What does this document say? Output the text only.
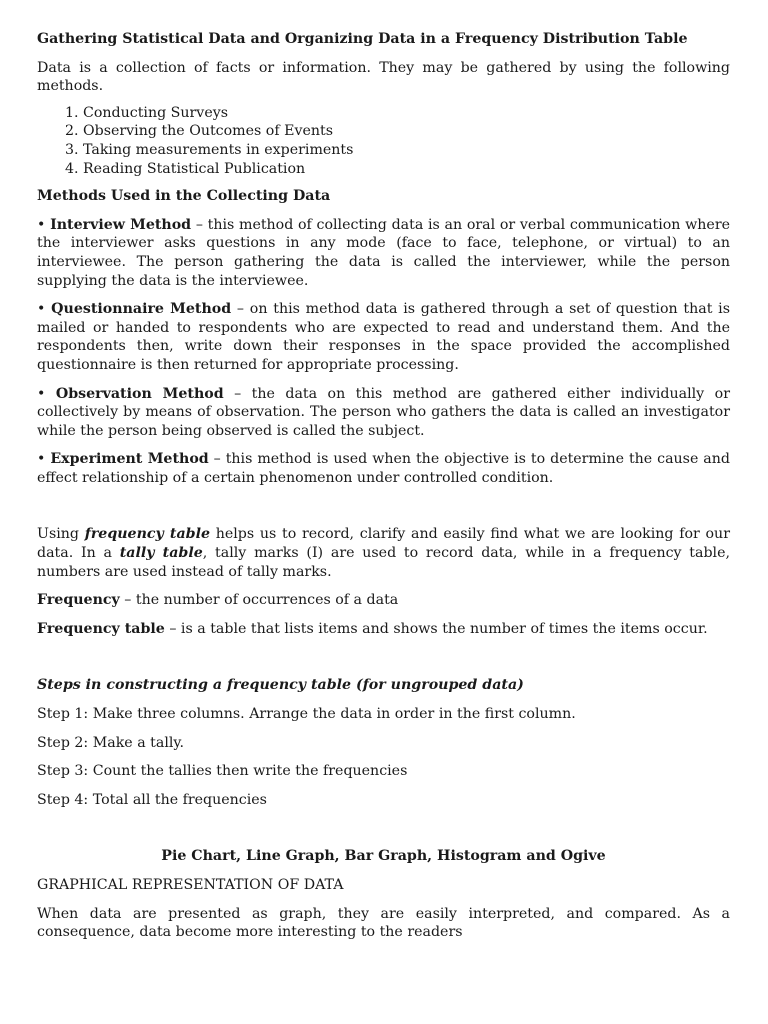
Gathering Statistical Data and Organizing Data in a Frequency Distribution Table

Data is a collection of facts or information. They may be gathered by using the following methods.

1. Conducting Surveys
2. Observing the Outcomes of Events
3. Taking measurements in experiments
4. Reading Statistical Publication

Methods Used in the Collecting Data

• Interview Method – this method of collecting data is an oral or verbal communication where the interviewer asks questions in any mode (face to face, telephone, or virtual) to an interviewee. The person gathering the data is called the interviewer, while the person supplying the data is the interviewee.

• Questionnaire Method – on this method data is gathered through a set of question that is mailed or handed to respondents who are expected to read and understand them. And the respondents then, write down their responses in the space provided the accomplished questionnaire is then returned for appropriate processing.

• Observation Method – the data on this method are gathered either individually or collectively by means of observation. The person who gathers the data is called an investigator while the person being observed is called the subject.

• Experiment Method – this method is used when the objective is to determine the cause and effect relationship of a certain phenomenon under controlled condition.

Using frequency table helps us to record, clarify and easily find what we are looking for our data. In a tally table, tally marks (I) are used to record data, while in a frequency table, numbers are used instead of tally marks.

Frequency – the number of occurrences of a data

Frequency table – is a table that lists items and shows the number of times the items occur.

Steps in constructing a frequency table (for ungrouped data)

Step 1: Make three columns. Arrange the data in order in the first column.

Step 2: Make a tally.

Step 3: Count the tallies then write the frequencies

Step 4: Total all the frequencies

Pie Chart, Line Graph, Bar Graph, Histogram and Ogive

GRAPHICAL REPRESENTATION OF DATA

When data are presented as graph, they are easily interpreted, and compared. As a consequence, data become more interesting to the readers
